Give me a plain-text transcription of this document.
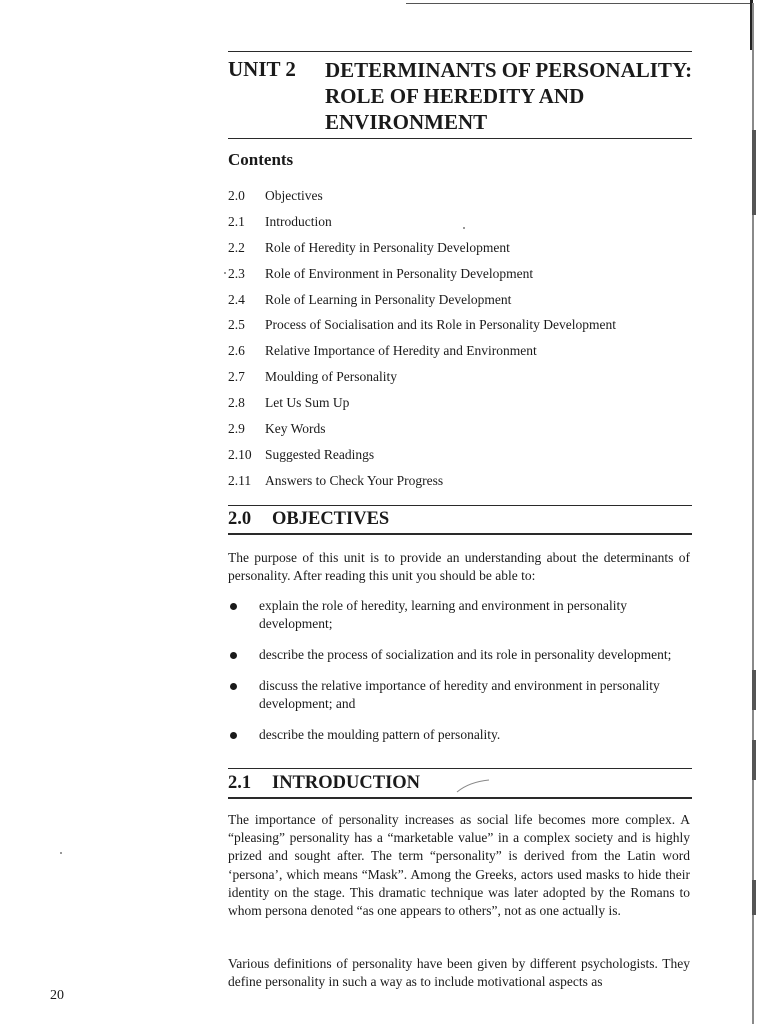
UNIT 2 DETERMINANTS OF PERSONALITY: ROLE OF HEREDITY AND ENVIRONMENT
Contents
2.0 Objectives
2.1 Introduction
2.2 Role of Heredity in Personality Development
2.3 Role of Environment in Personality Development
2.4 Role of Learning in Personality Development
2.5 Process of Socialisation and its Role in Personality Development
2.6 Relative Importance of Heredity and Environment
2.7 Moulding of Personality
2.8 Let Us Sum Up
2.9 Key Words
2.10 Suggested Readings
2.11 Answers to Check Your Progress
2.0 OBJECTIVES

The purpose of this unit is to provide an understanding about the determinants of personality. After reading this unit you should be able to:

explain the role of heredity, learning and environment in personality development;
describe the process of socialization and its role in personality development;
discuss the relative importance of heredity and environment in personality development; and
describe the moulding pattern of personality.
2.1 INTRODUCTION

The importance of personality increases as social life becomes more complex. A “pleasing” personality has a “marketable value” in a complex society and is highly prized and sought after. The term “personality” is derived from the Latin word ‘persona’, which means “Mask”. Among the Greeks, actors used masks to hide their identity on the stage. This dramatic technique was later adopted by the Romans to whom persona denoted “as one appears to others”, not as one actually is.

Various definitions of personality have been given by different psychologists. They define personality in such a way as to include motivational aspects as

20
